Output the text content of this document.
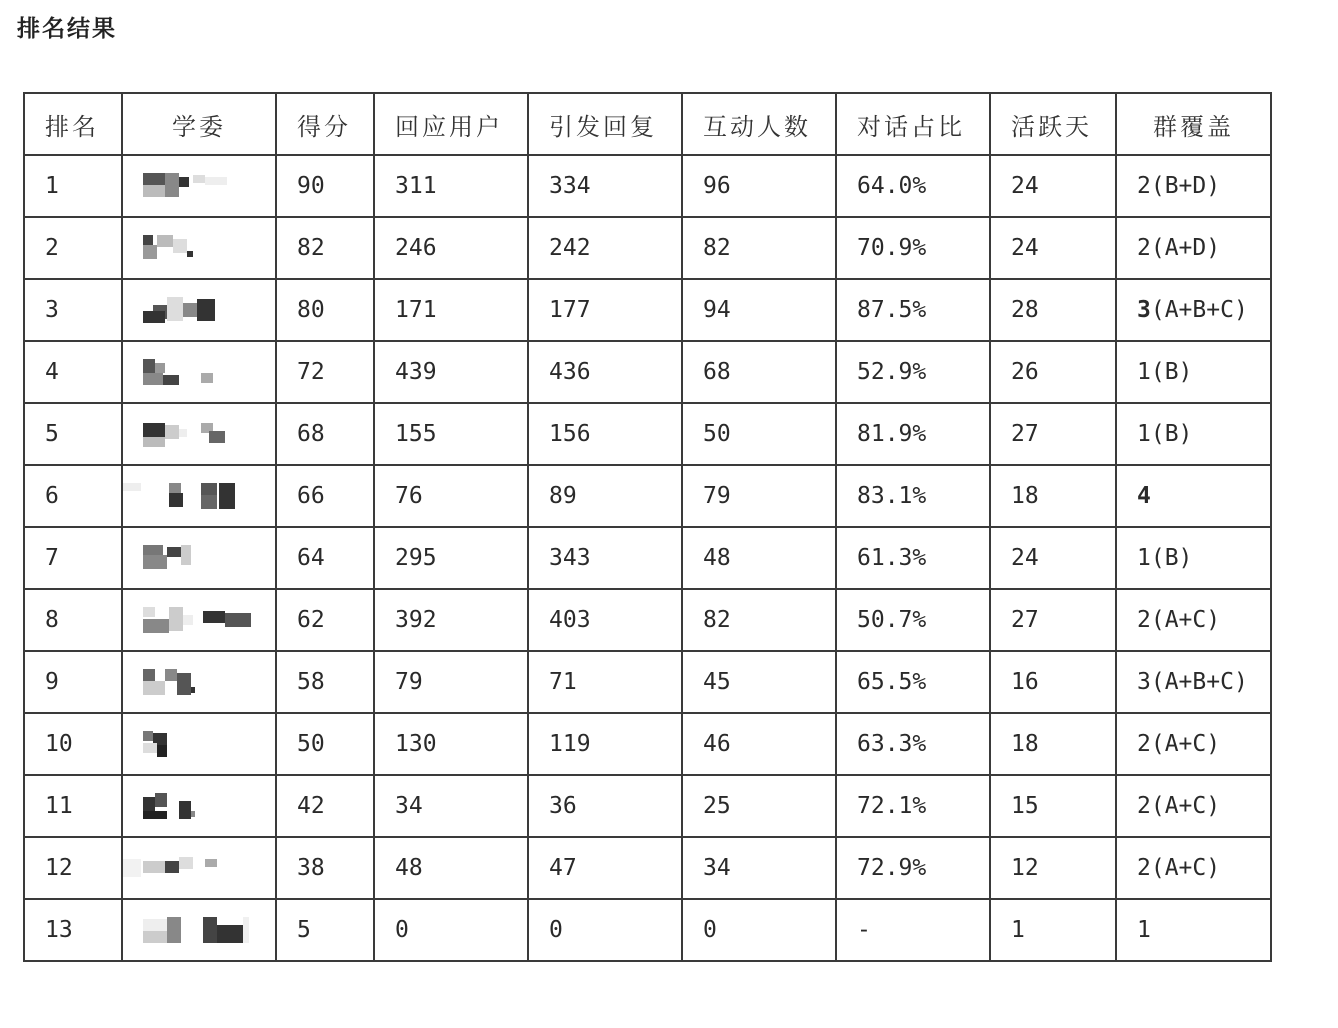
排名结果
排名	学委	得分	回应用户	引发回复	互动人数	对话占比	活跃天	群覆盖
1		90	311	334	96	64.0%	24	2(B+D)
2		82	246	242	82	70.9%	24	2(A+D)
3		80	171	177	94	87.5%	28	3(A+B+C)
4		72	439	436	68	52.9%	26	1(B)
5		68	155	156	50	81.9%	27	1(B)
6		66	76	89	79	83.1%	18	4
7		64	295	343	48	61.3%	24	1(B)
8		62	392	403	82	50.7%	27	2(A+C)
9		58	79	71	45	65.5%	16	3(A+B+C)
10		50	130	119	46	63.3%	18	2(A+C)
11		42	34	36	25	72.1%	15	2(A+C)
12		38	48	47	34	72.9%	12	2(A+C)
13		5	0	0	0	-	1	1
